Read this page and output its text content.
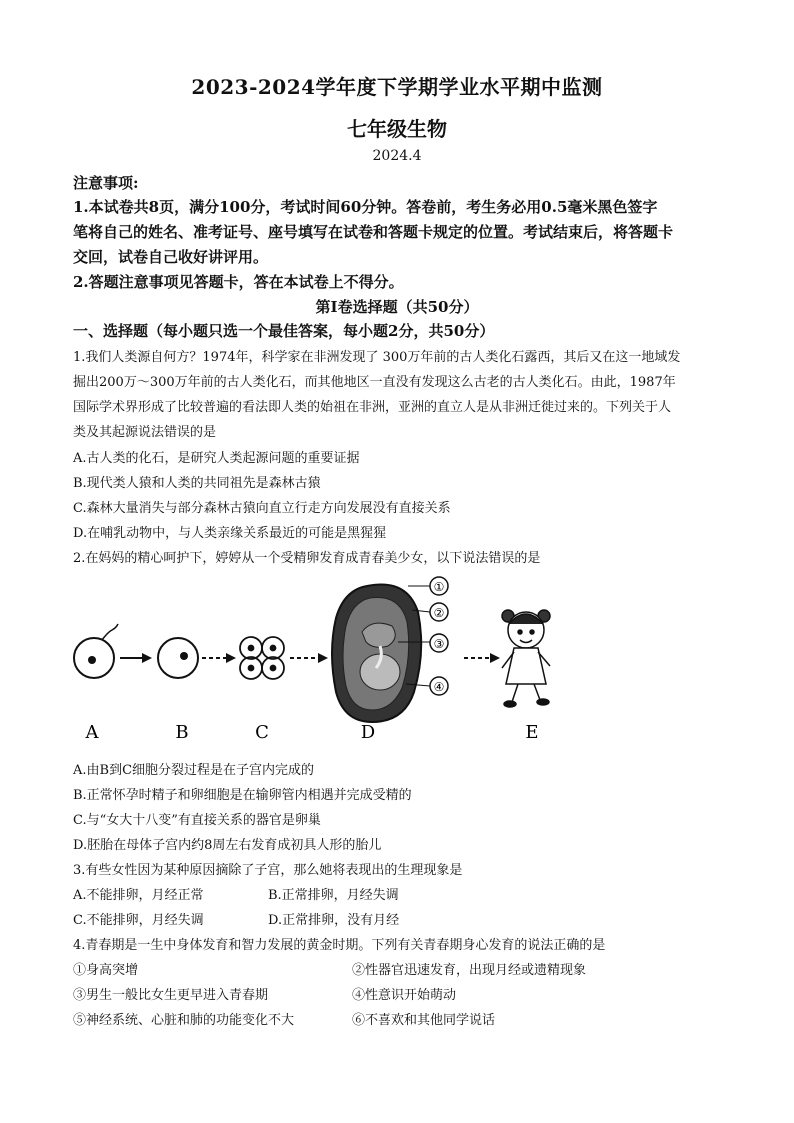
2023-2024学年度下学期学业水平期中监测
七年级生物
2024.4
注意事项:
1.本试卷共8页，满分100分，考试时间60分钟。答卷前，考生务必用0.5毫米黑色签字
笔将自己的姓名、准考证号、座号填写在试卷和答题卡规定的位置。考试结束后，将答题卡
交回，试卷自己收好讲评用。
2.答题注意事项见答题卡，答在本试卷上不得分。
第Ⅰ卷选择题（共50分）
一、选择题（每小题只选一个最佳答案，每小题2分，共50分）
1.我们人类源自何方？1974年，科学家在非洲发现了 300万年前的古人类化石露西，其后又在这一地域发
掘出200万～300万年前的古人类化石，而其他地区一直没有发现这么古老的古人类化石。由此，1987年
国际学术界形成了比较普遍的看法即人类的始祖在非洲，亚洲的直立人是从非洲迁徙过来的。下列关于人
类及其起源说法错误的是
A.古人类的化石，是研究人类起源问题的重要证据
B.现代类人猿和人类的共同祖先是森林古猿
C.森林大量消失与部分森林古猿向直立行走方向发展没有直接关系
D.在哺乳动物中，与人类亲缘关系最近的可能是黑猩猩
2.在妈妈的精心呵护下，婷婷从一个受精卵发育成青春美少女，以下说法错误的是
①
②
③
④
A	B	C	D	E
A.由B到C细胞分裂过程是在子宫内完成的
B.正常怀孕时精子和卵细胞是在输卵管内相遇并完成受精的
C.与“女大十八变”有直接关系的器官是卵巢
D.胚胎在母体子宫内约8周左右发育成初具人形的胎儿
3.有些女性因为某种原因摘除了子宫，那么她将表现出的生理现象是
A.不能排卵，月经正常	B.正常排卵，月经失调
C.不能排卵，月经失调	D.正常排卵，没有月经
4.青春期是一生中身体发育和智力发展的黄金时期。下列有关青春期身心发育的说法正确的是
①身高突增	②性器官迅速发育，出现月经或遗精现象
③男生一般比女生更早进入青春期	④性意识开始萌动
⑤神经系统、心脏和肺的功能变化不大	⑥不喜欢和其他同学说话
